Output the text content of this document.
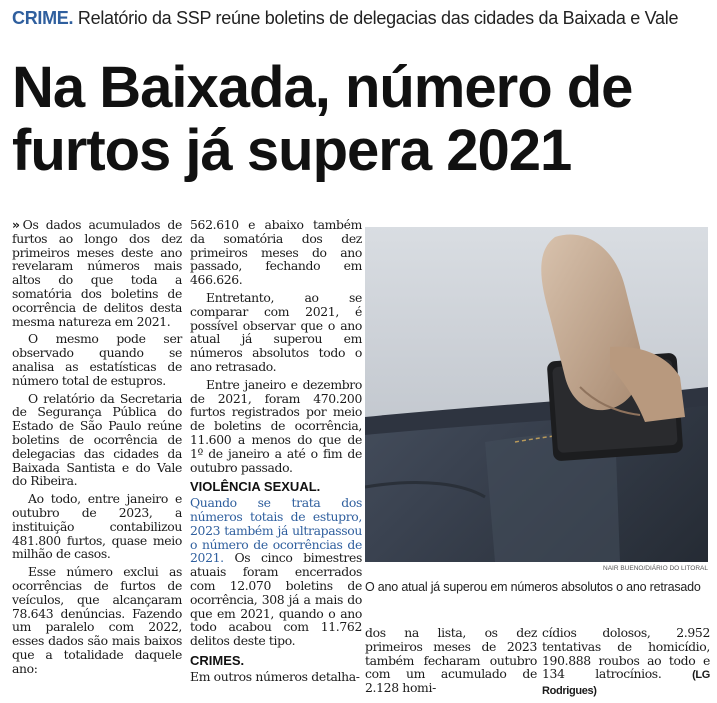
CRIME. Relatório da SSP reúne boletins de delegacias das cidades da Baixada e Vale
Na Baixada, número de
furtos já supera 2021

» Os dados acumulados de furtos ao longo dos dez primeiros meses deste ano revelaram números mais altos do que toda a somatória dos boletins de ocorrência de delitos desta mesma natureza em 2021.

O mesmo pode ser observado quando se analisa as estatísticas de número total de estupros.

O relatório da Secretaria de Segurança Pública do Estado de São Paulo reúne boletins de ocorrência de delegacias das cidades da Baixada Santista e do Vale do Ribeira.

Ao todo, entre janeiro e outubro de 2023, a instituição contabilizou 481.800 furtos, quase meio milhão de casos.

Esse número exclui as ocorrências de furtos de veículos, que alcançaram 78.643 denúncias. Fazendo um paralelo com 2022, esses dados são mais baixos que a totalidade daquele ano:

562.610 e abaixo também da somatória dos dez primeiros meses do ano passado, fechando em 466.626.

Entretanto, ao se comparar com 2021, é possível observar que o ano atual já superou em números absolutos todo o ano retrasado.

Entre janeiro e dezembro de 2021, foram 470.200 furtos registrados por meio de boletins de ocorrência, 11.600 a menos do que de 1º de janeiro a até o fim de outubro passado.

VIOLÊNCIA SEXUAL.

Quando se trata dos números totais de estupro, 2023 também já ultrapassou o número de ocorrências de 2021. Os cinco bimestres atuais foram encerrados com 12.070 boletins de ocorrência, 308 já a mais do que em 2021, quando o ano todo acabou com 11.762 delitos deste tipo.

CRIMES.

Em outros números detalha-

NAIR BUENO/DIÁRIO DO LITORAL
O ano atual já superou em números absolutos o ano retrasado

dos na lista, os dez primeiros meses de 2023 também fecharam outubro com um acumulado de 2.128 homi-

cídios dolosos, 2.952 tentativas de homicídio, 190.888 roubos ao todo e 134 latrocínios.	(LG Rodrigues)
